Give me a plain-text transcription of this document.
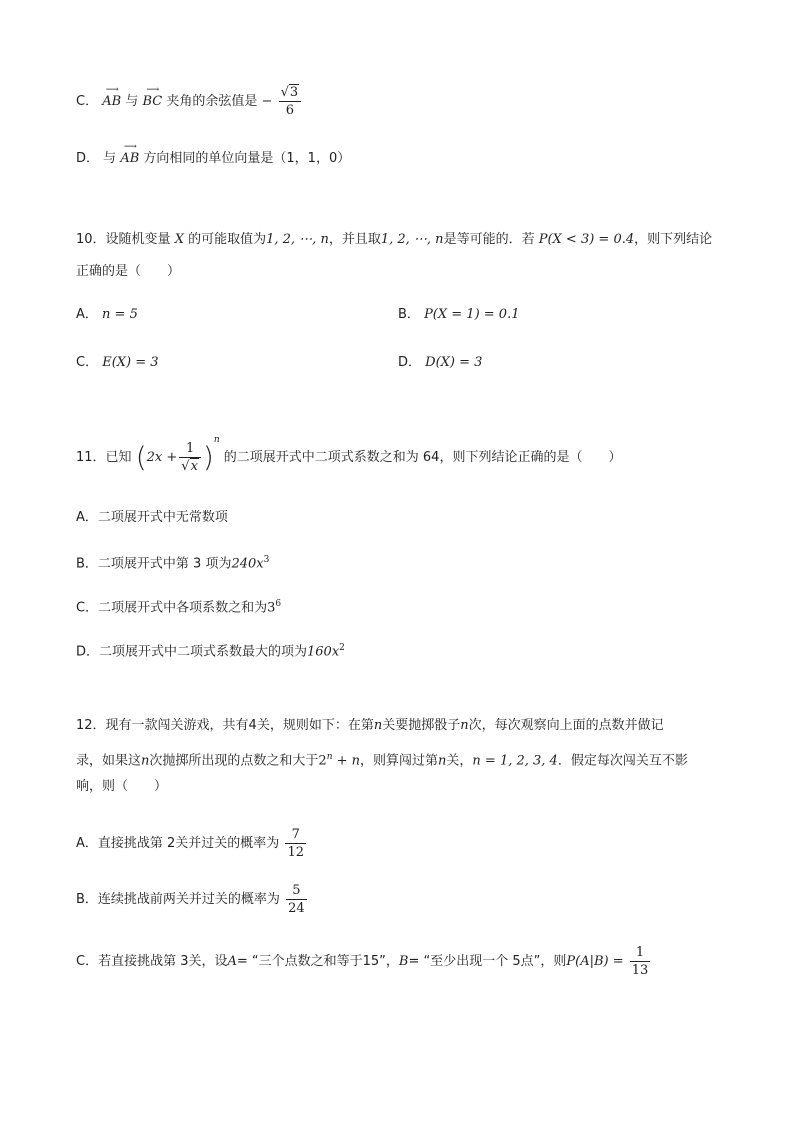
C．
⟶
AB 与
⟶
BC 夹角的余弦值是 − $\frac{√3}{6}$
D． 与
⟶
AB 方向相同的单位向量是（1，1，0）
10．设随机变量 X 的可能取值为1, 2, ⋯, n，并且取1, 2, ⋯, n是等可能的．若 P(X < 3) = 0.4，则下列结论
正确的是（　　）
A． n = 5	B． P(X = 1) = 0.1
C． E(X) = 3	D． D(X) = 3
11．已知 $(2x + \frac{1}{√x} )^n$ 的二项展开式中二项式系数之和为 64，则下列结论正确的是（　　）
A．二项展开式中无常数项
B．二项展开式中第 3 项为$240x^3$
C．二项展开式中各项系数之和为$3^6$
D．二项展开式中二项式系数最大的项为$160x^2$
12．现有一款闯关游戏，共有4关，规则如下：在第n关要抛掷骰子n次，每次观察向上面的点数并做记
录，如果这n次抛掷所出现的点数之和大于$2^n + n$，则算闯过第n关，n = 1, 2, 3, 4．假定每次闯关互不影
响，则（　　）
A．直接挑战第 2关并过关的概率为 $\frac{7}{12}$
B．连续挑战前两关并过关的概率为 $\frac{5}{24}$
C．若直接挑战第 3关，设A= “三个点数之和等于15”，B= “至少出现一个 5点”，则$P(A|B) = \frac{1}{13}$
